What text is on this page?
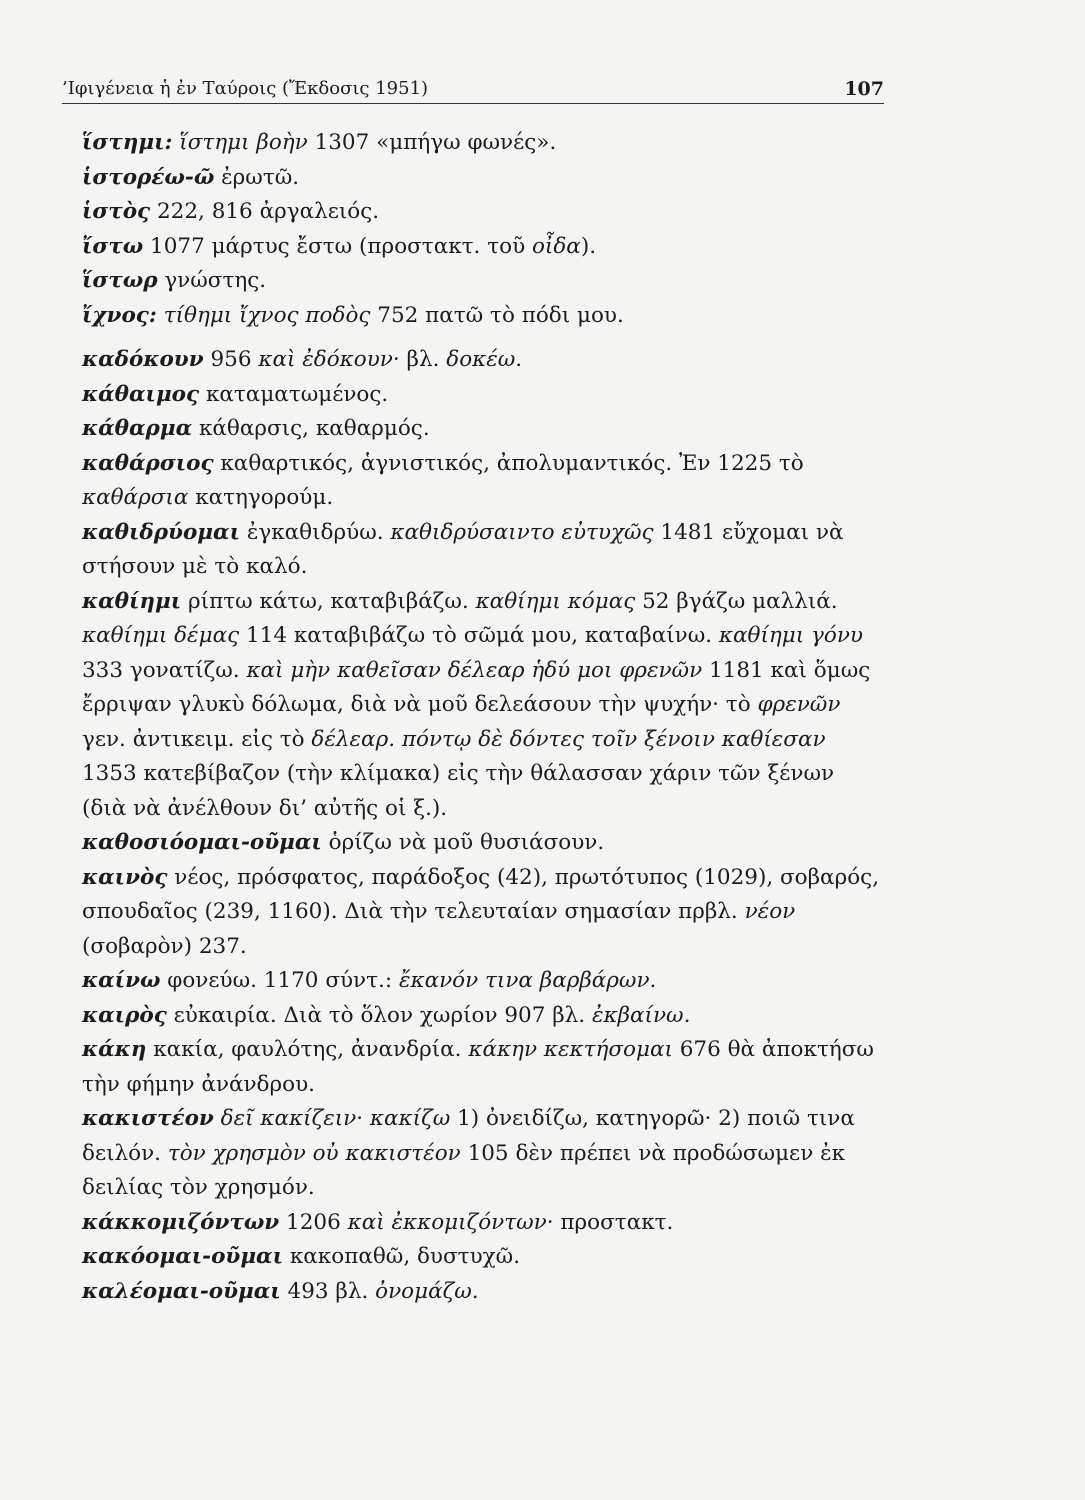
’Ιφιγένεια ἡ ἐν Ταύροις (Ἔκδοσις 1951)	107

ἵστημι: ἵστημι βοὴν 1307 «μπήγω φωνές».

ἱστορέω-ῶ ἐρωτῶ.

ἱστὸς 222, 816 ἀργαλειός.

ἴστω 1077 μάρτυς ἔστω (προστακτ. τοῦ οἶδα).

ἵστωρ γνώστης.

ἴχνος: τίθημι ἴχνος ποδὸς 752 πατῶ τὸ πόδι μου.

καδόκουν 956 καὶ ἐδόκουν· βλ. δοκέω.

κάθαιμος καταματωμένος.

κάθαρμα κάθαρσις, καθαρμός.

καθάρσιος καθαρτικός, ἁγνιστικός, ἀπολυμαντικός. Ἐν 1225 τὸ καθάρσια κατηγορούμ.

καθιδρύομαι ἐγκαθιδρύω. καθιδρύσαιντο εὐτυχῶς 1481 εὔχομαι νὰ στήσουν μὲ τὸ καλό.

καθίημι ρίπτω κάτω, καταβιβάζω. καθίημι κόμας 52 βγάζω μαλλιά. καθίημι δέμας 114 καταβιβάζω τὸ σῶμά μου, καταβαίνω. καθίημι γόνυ 333 γονατίζω. καὶ μὴν καθεῖσαν δέλεαρ ἡδύ μοι φρενῶν 1181 καὶ ὅμως ἔρριψαν γλυκὺ δόλωμα, διὰ νὰ μοῦ δελεάσουν τὴν ψυχήν· τὸ φρενῶν γεν. ἀντικειμ. εἰς τὸ δέλεαρ. πόντῳ δὲ δόντες τοῖν ξένοιν καθίεσαν 1353 κατεβίβαζον (τὴν κλίμακα) εἰς τὴν θάλασσαν χάριν τῶν ξένων (διὰ νὰ ἀνέλθουν δι’ αὐτῆς οἱ ξ.).

καθοσιόομαι-οῦμαι ὁρίζω νὰ μοῦ θυσιάσουν.

καινὸς νέος, πρόσφατος, παράδοξος (42), πρωτότυπος (1029), σοβαρός, σπουδαῖος (239, 1160). Διὰ τὴν τελευταίαν σημασίαν πρβλ. νέον (σοβαρὸν) 237.

καίνω φονεύω. 1170 σύντ.: ἔκανόν τινα βαρβάρων.

καιρὸς εὐκαιρία. Διὰ τὸ ὅλον χωρίον 907 βλ. ἐκβαίνω.

κάκη κακία, φαυλότης, ἀνανδρία. κάκην κεκτήσομαι 676 θὰ ἀποκτήσω τὴν φήμην ἀνάνδρου.

κακιστέον δεῖ κακίζειν· κακίζω 1) ὀνειδίζω, κατηγορῶ· 2) ποιῶ τινα δειλόν. τὸν χρησμὸν οὐ κακιστέον 105 δὲν πρέπει νὰ προδώσωμεν ἐκ δειλίας τὸν χρησμόν.

κάκκομιζόντων 1206 καὶ ἐκκομιζόντων· προστακτ.

κακόομαι-οῦμαι κακοπαθῶ, δυστυχῶ.

καλέομαι-οῦμαι 493 βλ. ὀνομάζω.
